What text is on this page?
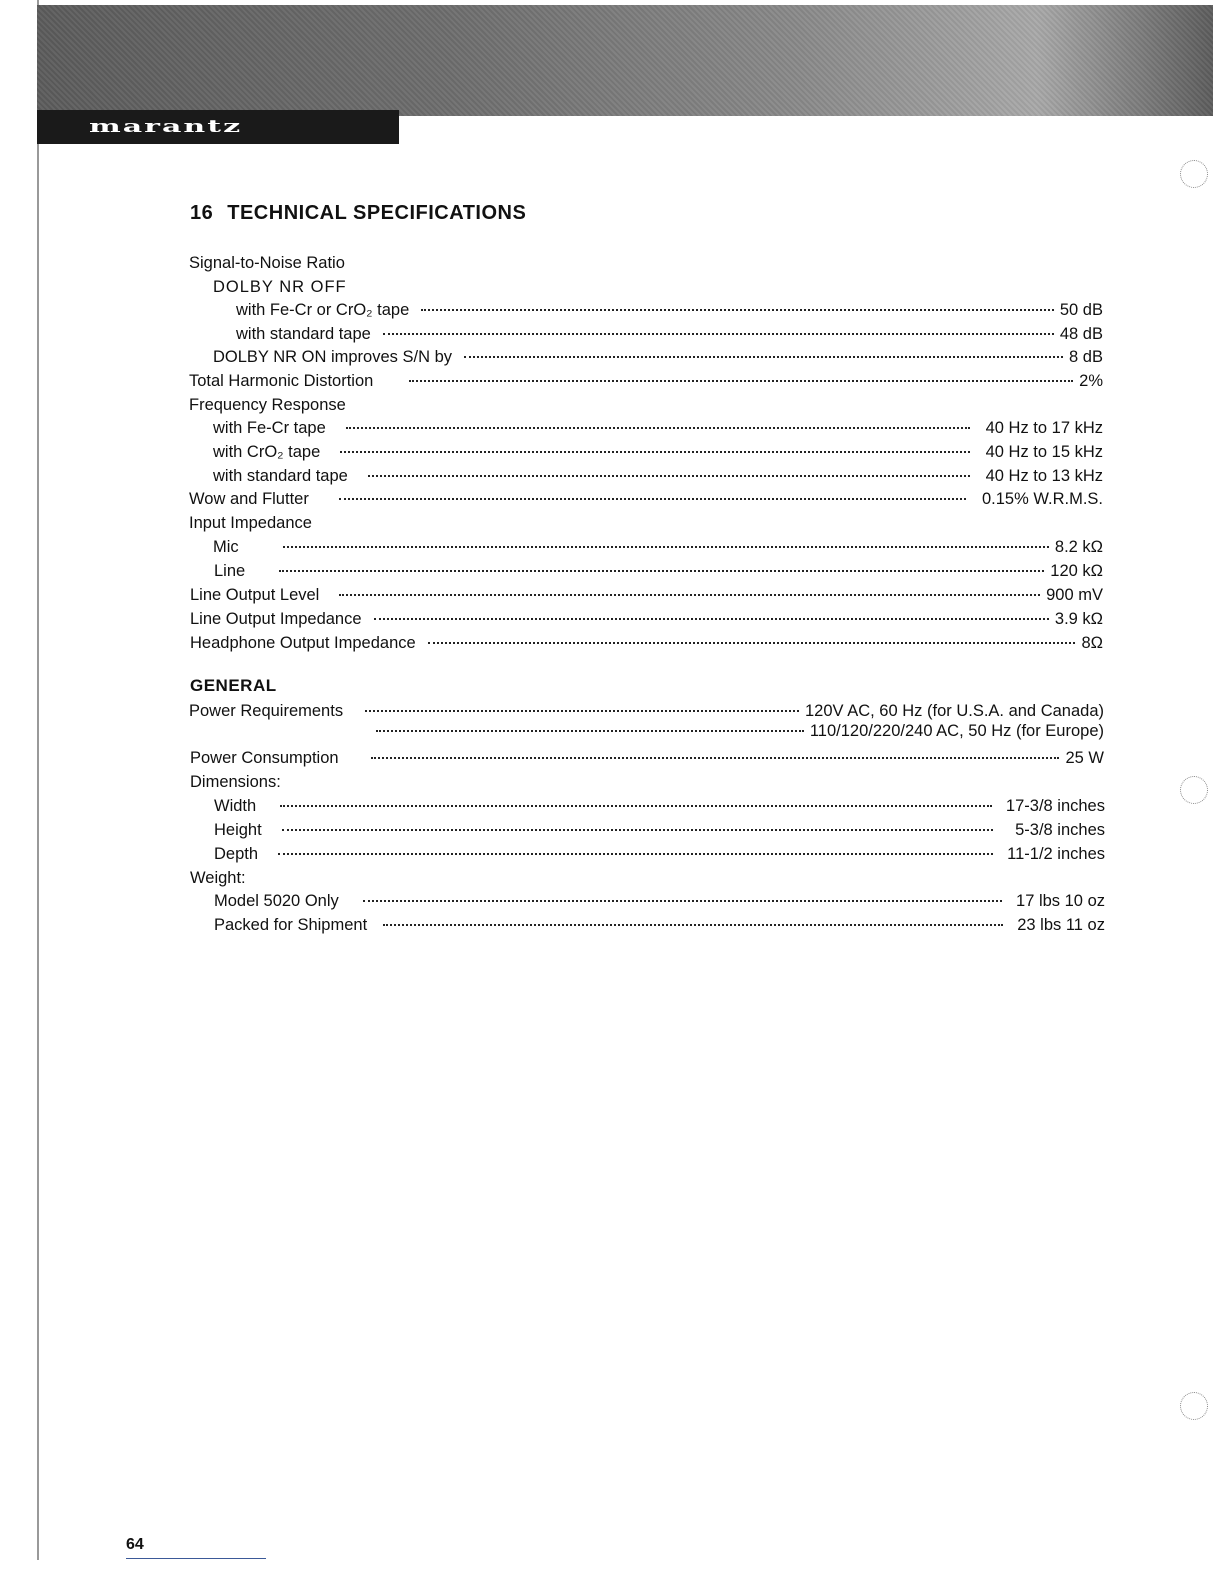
marantz
16 TECHNICAL SPECIFICATIONS
Signal-to-Noise Ratio
DOLBY NR OFF
with Fe-Cr or CrO₂ tape	50 dB
with standard tape	48 dB
DOLBY NR ON improves S/N by	8 dB
Total Harmonic Distortion	2%
Frequency Response
with Fe-Cr tape	40 Hz to 17 kHz
with CrO₂ tape	40 Hz to 15 kHz
with standard tape	40 Hz to 13 kHz
Wow and Flutter	0.15% W.R.M.S.
Input Impedance
Mic	8.2 kΩ
Line	120 kΩ
Line Output Level	900 mV
Line Output Impedance	3.9 kΩ
Headphone Output Impedance	8Ω
GENERAL
Power Requirements	120V AC, 60 Hz (for U.S.A. and Canada)
110/120/220/240 AC, 50 Hz (for Europe)
Power Consumption	25 W
Dimensions:
Width	17-3/8 inches
Height	5-3/8 inches
Depth	11-1/2 inches
Weight:
Model 5020 Only	17 lbs 10 oz
Packed for Shipment	23 lbs 11 oz
64
